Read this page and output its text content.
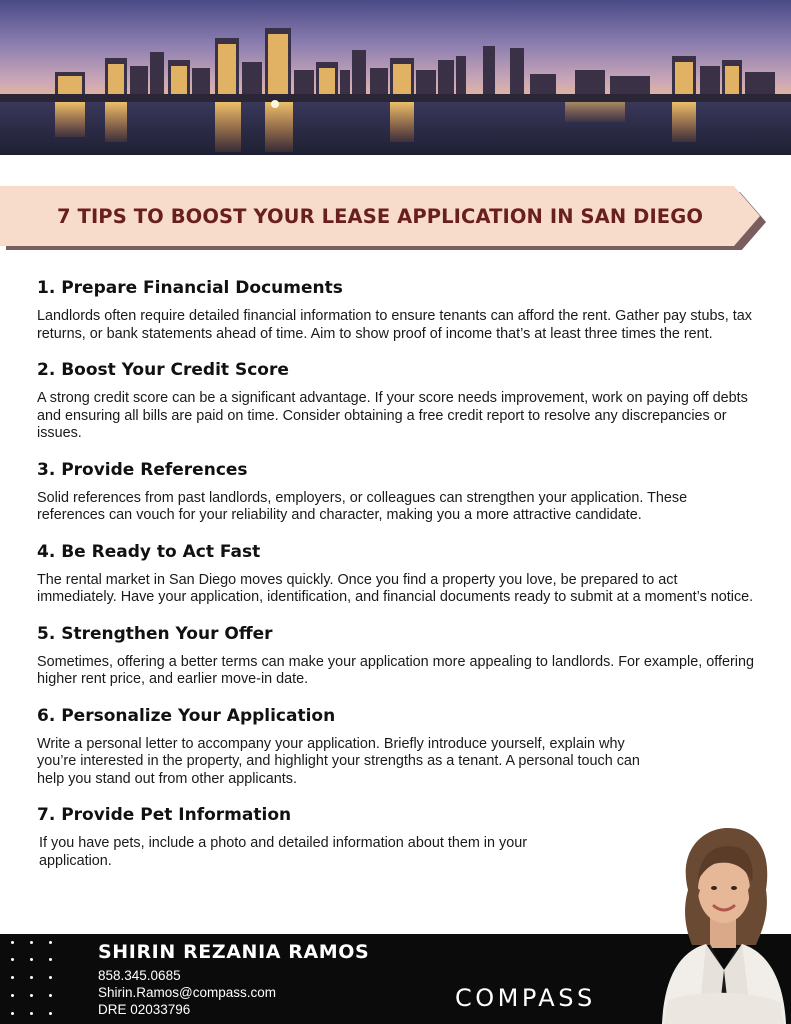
7 TIPS TO BOOST YOUR LEASE APPLICATION IN SAN DIEGO
1. Prepare Financial Documents

Landlords often require detailed financial information to ensure tenants can afford the rent. Gather pay stubs, tax returns, or bank statements ahead of time. Aim to show proof of income that’s at least three times the rent.

2. Boost Your Credit Score

A strong credit score can be a significant advantage. If your score needs improvement, work on paying off debts and ensuring all bills are paid on time. Consider obtaining a free credit report to resolve any discrepancies or issues.

3. Provide References

Solid references from past landlords, employers, or colleagues can strengthen your application. These references can vouch for your reliability and character, making you a more attractive candidate.

4. Be Ready to Act Fast

The rental market in San Diego moves quickly. Once you find a property you love, be prepared to act immediately. Have your application, identification, and financial documents ready to submit at a moment’s notice.

5. Strengthen Your Offer

Sometimes, offering a better terms can make your application more appealing to landlords. For example, offering higher rent price, and earlier move-in date.

6. Personalize Your Application

Write a personal letter to accompany your application. Briefly introduce yourself, explain why you’re interested in the property, and highlight your strengths as a tenant. A personal touch can help you stand out from other applicants.

7. Provide Pet Information

If you have pets, include a photo and detailed information about them in your application.

SHIRIN REZANIA RAMOS
858.345.0685
Shirin.Ramos@compass.com
DRE 02033796	COMPASS
